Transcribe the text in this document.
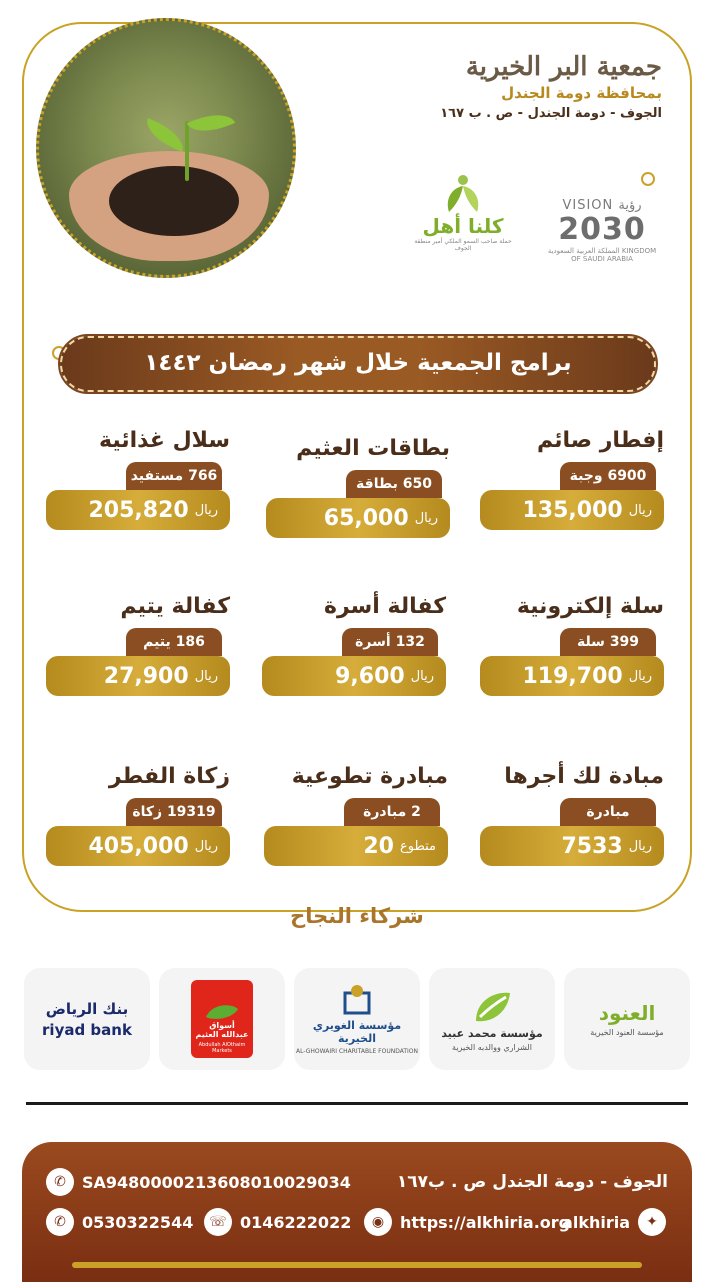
جمعية البر الخيرية
بمحافظة دومة الجندل
الجوف - دومة الجندل - ص . ب ١٦٧
VISION رؤية
2030
المملكة العربية السعودية KINGDOM OF SAUDI ARABIA
كلنا أهل
حملة صاحب السمو الملكي أمير منطقة الجوف
برامج الجمعية خلال شهر رمضان ١٤٤٢
إفطار صائم
6900 وجبة
ريال
135,000
بطاقات العثيم
650 بطاقة
ريال
65,000
سلال غذائية
766 مستفيد
ريال
205,820
سلة إلكترونية
399 سلة
ريال
119,700
كفالة أسرة
132 أسرة
ريال
9,600
كفالة يتيم
186 يتيم
ريال
27,900
مبادة لك أجرها
مبادرة
ريال
7533
مبادرة تطوعية
2 مبادرة
متطوع
20
زكاة الفطر
19319 زكاة
ريال
405,000
شركاء النجاح
العنود
مؤسسة العنود الخيرية
مؤسسة محمد عبيد
الشراري ووالدبه الخيرية
مؤسسة الغويري الخيرية
AL-GHOWAIRI CHARITABLE FOUNDATION
أسواق عبدالله العثيم
Abdullah AlOthaim Markets
بنك الرياض
riyad bank
الجوف - دومة الجندل ص . ب١٦٧
✆	SA9480000213608010029034
alkhiria	✦
◉ https://alkhiria.org
☏ 0146222022
✆	0530322544
